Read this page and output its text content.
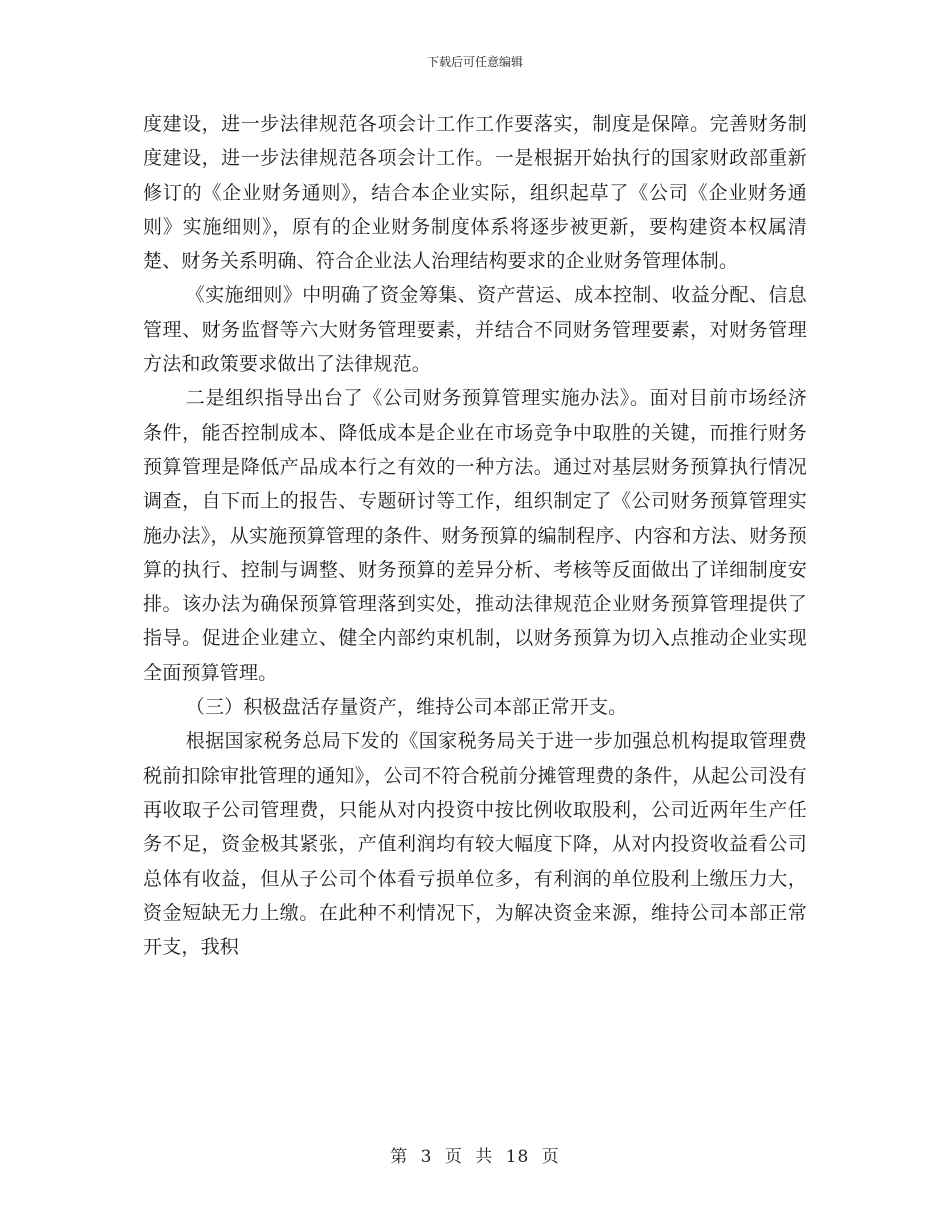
下载后可任意编辑

度建设，进一步法律规范各项会计工作工作要落实，制度是保障。完善财务制度建设，进一步法律规范各项会计工作。一是根据开始执行的国家财政部重新修订的《企业财务通则》，结合本企业实际，组织起草了《公司《企业财务通则》实施细则》，原有的企业财务制度体系将逐步被更新，要构建资本权属清楚、财务关系明确、符合企业法人治理结构要求的企业财务管理体制。

《实施细则》中明确了资金筹集、资产营运、成本控制、收益分配、信息管理、财务监督等六大财务管理要素，并结合不同财务管理要素，对财务管理方法和政策要求做出了法律规范。

二是组织指导出台了《公司财务预算管理实施办法》。面对目前市场经济条件，能否控制成本、降低成本是企业在市场竞争中取胜的关键，而推行财务预算管理是降低产品成本行之有效的一种方法。通过对基层财务预算执行情况调查，自下而上的报告、专题研讨等工作，组织制定了《公司财务预算管理实施办法》，从实施预算管理的条件、财务预算的编制程序、内容和方法、财务预算的执行、控制与调整、财务预算的差异分析、考核等反面做出了详细制度安排。该办法为确保预算管理落到实处，推动法律规范企业财务预算管理提供了指导。促进企业建立、健全内部约束机制，以财务预算为切入点推动企业实现全面预算管理。

（三）积极盘活存量资产，维持公司本部正常开支。

根据国家税务总局下发的《国家税务局关于进一步加强总机构提取管理费税前扣除审批管理的通知》，公司不符合税前分摊管理费的条件，从起公司没有再收取子公司管理费，只能从对内投资中按比例收取股利，公司近两年生产任务不足，资金极其紧张，产值利润均有较大幅度下降，从对内投资收益看公司总体有收益，但从子公司个体看亏损单位多，有利润的单位股利上缴压力大，资金短缺无力上缴。在此种不利情况下，为解决资金来源，维持公司本部正常开支，我积

第 3 页 共 18 页
